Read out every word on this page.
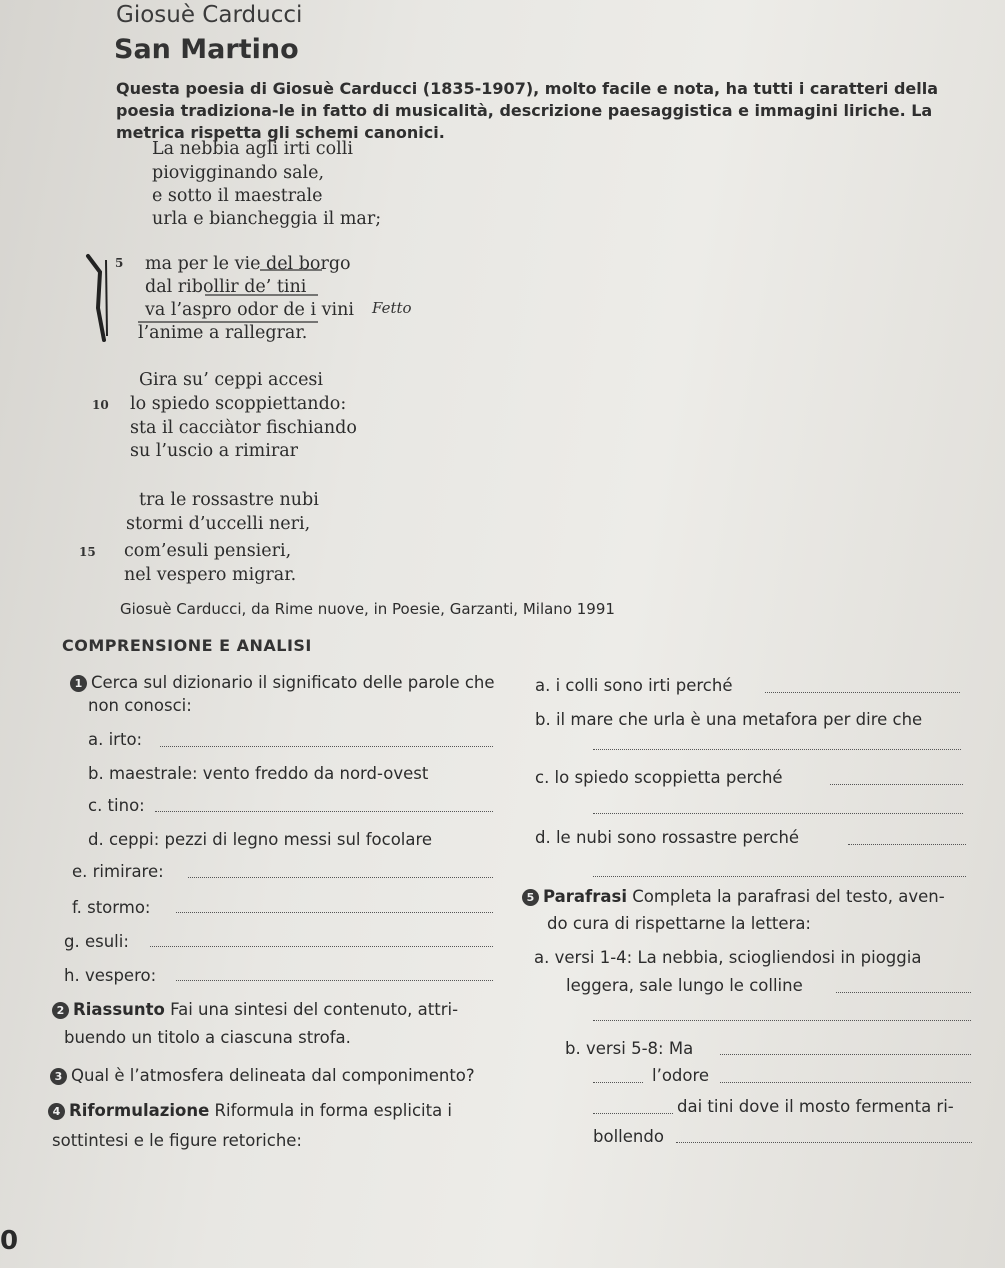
Giosuè Carducci
San Martino
Questa poesia di Giosuè Carducci (1835-1907), molto facile e nota, ha tutti i caratteri della poesia tradiziona-le in fatto di musicalità, descrizione paesaggistica e immagini liriche. La metrica rispetta gli schemi canonici.
La nebbia agli irti colli
piovigginando sale,
e sotto il maestrale
urla e biancheggia il mar;
5 ma per le vie del borgo
dal ribollir de’ tini
va l’aspro odor de i vini
l’anime a rallegrar.
Gira su’ ceppi accesi
10 lo spiedo scoppiettando:
sta il cacciàtor fischiando
su l’uscio a rimirar
tra le rossastre nubi
stormi d’uccelli neri,
15 com’esuli pensieri,
nel vespero migrar.
Fetto
Giosuè Carducci, da Rime nuove, in Poesie, Garzanti, Milano 1991
COMPRENSIONE E ANALISI
1 Cerca sul dizionario il significato delle parole che
non conosci:
a. irto:
b. maestrale: vento freddo da nord-ovest
c. tino:
d. ceppi: pezzi di legno messi sul focolare
e. rimirare:
f. stormo:
g. esuli:
h. vespero:
2 Riassunto Fai una sintesi del contenuto, attri-
buendo un titolo a ciascuna strofa.
3 Qual è l’atmosfera delineata dal componimento?
4 Riformulazione Riformula in forma esplicita i
sottintesi e le figure retoriche:
a. i colli sono irti perché
b. il mare che urla è una metafora per dire che
c. lo spiedo scoppietta perché
d. le nubi sono rossastre perché
5 Parafrasi Completa la parafrasi del testo, aven-
do cura di rispettarne la lettera:
a. versi 1-4: La nebbia, sciogliendosi in pioggia
leggera, sale lungo le colline
b. versi 5-8: Ma
l’odore
dai tini dove il mosto fermenta ri-
bollendo
0
